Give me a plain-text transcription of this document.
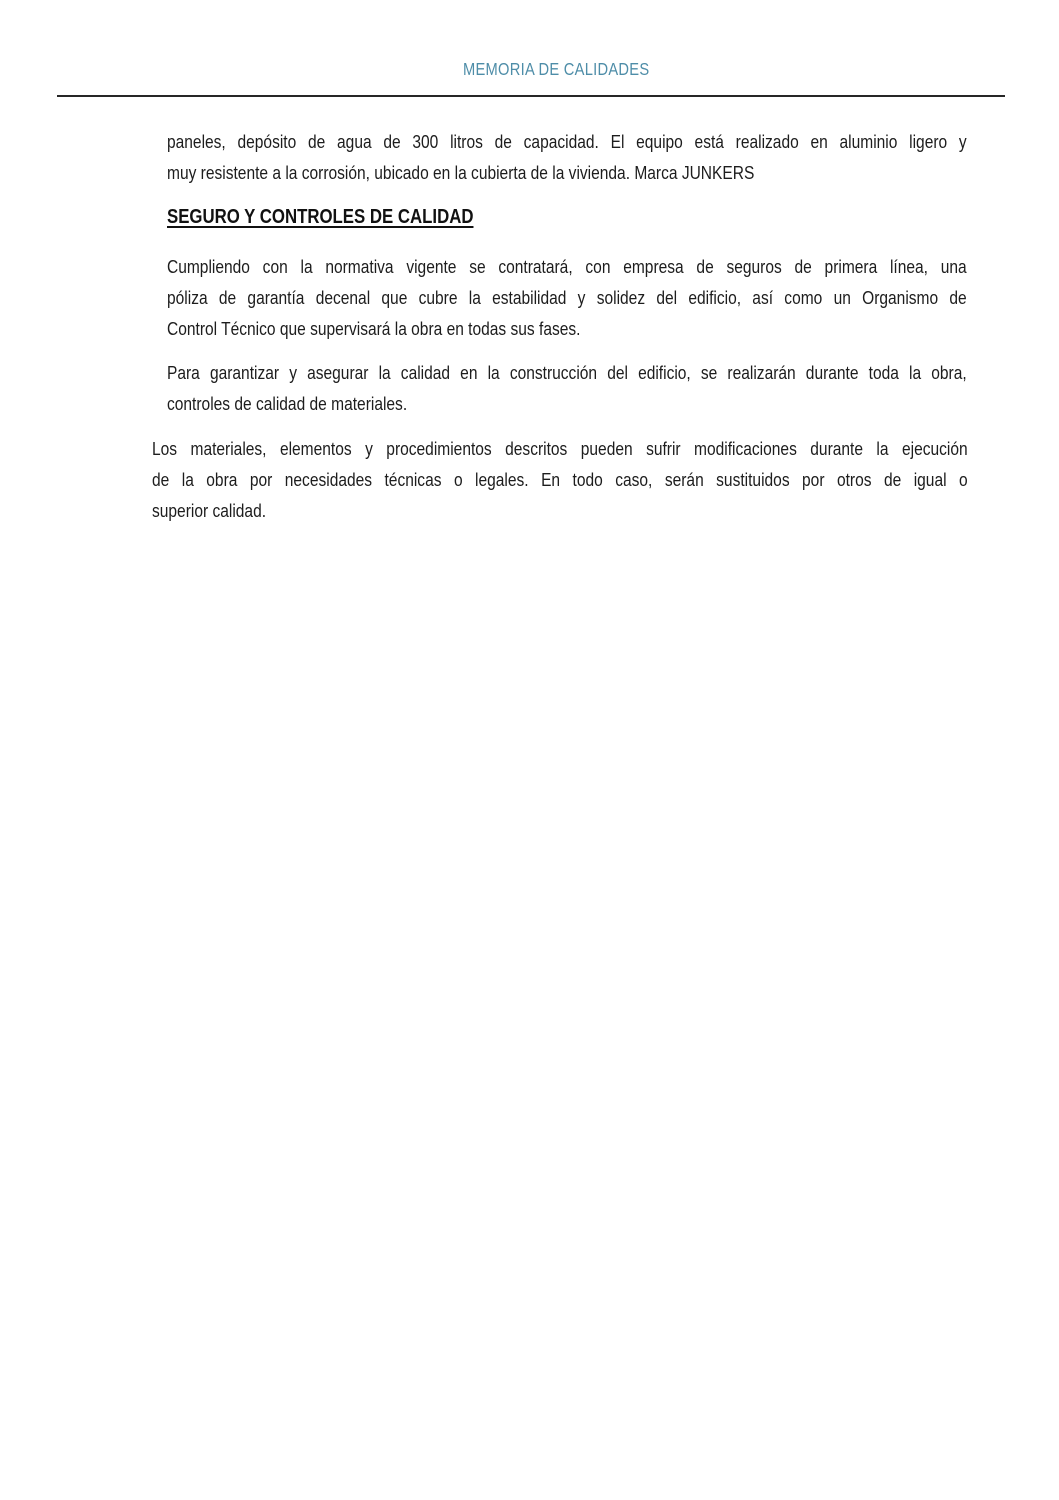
MEMORIA DE CALIDADES
paneles, depósito de agua de 300 litros de capacidad. El equipo está realizado en aluminio ligero y
muy resistente a la corrosión, ubicado en la cubierta de la vivienda. Marca JUNKERS
SEGURO Y CONTROLES DE CALIDAD
Cumpliendo con la normativa vigente se contratará, con empresa de seguros de primera línea, una
póliza de garantía decenal que cubre la estabilidad y solidez del edificio, así como un Organismo de
Control Técnico que supervisará la obra en todas sus fases.
Para garantizar y asegurar la calidad en la construcción del edificio, se realizarán durante toda la obra,
controles de calidad de materiales.
Los materiales, elementos y procedimientos descritos pueden sufrir modificaciones durante la ejecución
de la obra por necesidades técnicas o legales. En todo caso, serán sustituidos por otros de igual o
superior calidad.
